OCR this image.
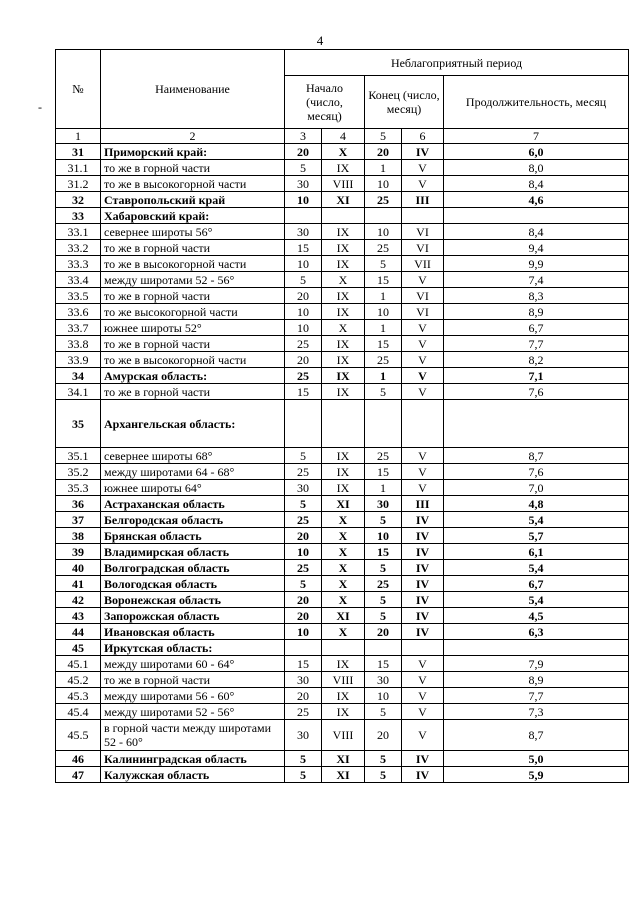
4
-
№	Наименование	Неблагоприятный период				
		Начало (число, месяц)		Конец (число, месяц)		Продолжительность, месяц
1	2	3	4	5	6	7
31	Приморский край:	20	X	20	IV	6,0
31.1	то же в горной части	5	IX	1	V	8,0
31.2	то же в высокогорной части	30	VIII	10	V	8,4
32	Ставропольский край	10	XI	25	III	4,6
33	Хабаровский край:					
33.1	севернее широты 56°	30	IX	10	VI	8,4
33.2	то же в горной части	15	IX	25	VI	9,4
33.3	то же в высокогорной части	10	IX	5	VII	9,9
33.4	между широтами 52 - 56°	5	X	15	V	7,4
33.5	то же в горной части	20	IX	1	VI	8,3
33.6	то же высокогорной части	10	IX	10	VI	8,9
33.7	южнее широты 52°	10	X	1	V	6,7
33.8	то же в горной части	25	IX	15	V	7,7
33.9	то же в высокогорной части	20	IX	25	V	8,2
34	Амурская область:	25	IX	1	V	7,1
34.1	то же в горной части	15	IX	5	V	7,6
35	Архангельская область:					
35.1	севернее широты 68°	5	IX	25	V	8,7
35.2	между широтами 64 - 68°	25	IX	15	V	7,6
35.3	южнее широты 64°	30	IX	1	V	7,0
36	Астраханская область	5	XI	30	III	4,8
37	Белгородская область	25	X	5	IV	5,4
38	Брянская область	20	X	10	IV	5,7
39	Владимирская область	10	X	15	IV	6,1
40	Волгоградская область	25	X	5	IV	5,4
41	Вологодская область	5	X	25	IV	6,7
42	Воронежская область	20	X	5	IV	5,4
43	Запорожская область	20	XI	5	IV	4,5
44	Ивановская область	10	X	20	IV	6,3
45	Иркутская область:					
45.1	между широтами 60 - 64°	15	IX	15	V	7,9
45.2	то же в горной части	30	VIII	30	V	8,9
45.3	между широтами 56 - 60°	20	IX	10	V	7,7
45.4	между широтами 52 - 56°	25	IX	5	V	7,3
45.5	в горной части между широтами 52 - 60°	30	VIII	20	V	8,7
46	Калининградская область	5	XI	5	IV	5,0
47	Калужская область	5	XI	5	IV	5,9
